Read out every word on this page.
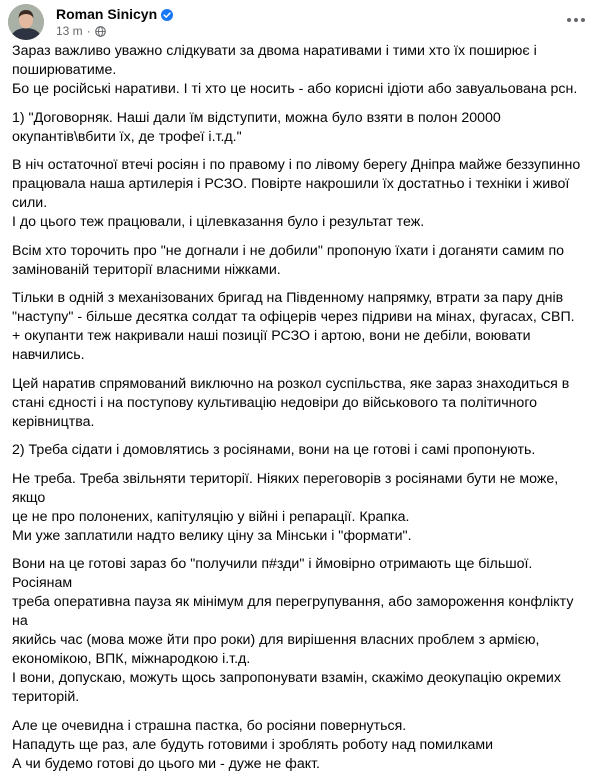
Roman Sinicyn
13 m ·

Зараз важливо уважно слідкувати за двома наративами і тими хто їх поширює і
поширюватиме.
Бо це російські наративи. І ті хто це носить - або корисні ідіоти або завуальована рсн.

1) "Договорняк. Наші дали їм відступити, можна було взяти в полон 20000
окупантів\вбити їх, де трофеї і.т.д."

В ніч остаточної втечі росіян і по правому і по лівому берегу Дніпра майже беззупинно
працювала наша артилерія і РСЗО. Повірте накрошили їх достатньо і техніки і живої сили.
І до цього теж працювали, і цілевказання було і результат теж.

Всім хто торочить про "не догнали і не добили" пропоную їхати і доганяти самим по
замінованій території власними ніжками.

Тільки в одній з механізованих бригад на Південному напрямку, втрати за пару днів
"наступу" - більше десятка солдат та офіцерів через підриви на мінах, фугасах, СВП.
+ окупанти теж накривали наші позиції РСЗО і артою, вони не дебіли, воювати навчились.

Цей наратив спрямований виключно на розкол суспільства, яке зараз знаходиться в
стані єдності і на поступову культивацію недовіри до військового та політичного
керівництва.

2) Треба сідати і домовлятись з росіянами, вони на це готові і самі пропонують.

Не треба. Треба звільняти території. Ніяких переговорів з росіянами бути не може, якщо
це не про полонених, капітуляцію у війні і репарації. Крапка.
Ми уже заплатили надто велику ціну за Мінськи і "формати".

Вони на це готові зараз бо "получили п#зди" і ймовірно отримають ще більшої. Росіянам
треба оперативна пауза як мінімум для перегрупування, або замороження конфлікту на
якийсь час (мова може йти про роки) для вирішення власних проблем з армією,
економікою, ВПК, міжнародкою і.т.д.
І вони, допускаю, можуть щось запропонувати взамін, скажімо деокупацію окремих
територій.

Але це очевидна і страшна пастка, бо росіяни повернуться.
Нападуть ще раз, але будуть готовими і зроблять роботу над помилками
А чи будемо готові до цього ми - дуже не факт.
